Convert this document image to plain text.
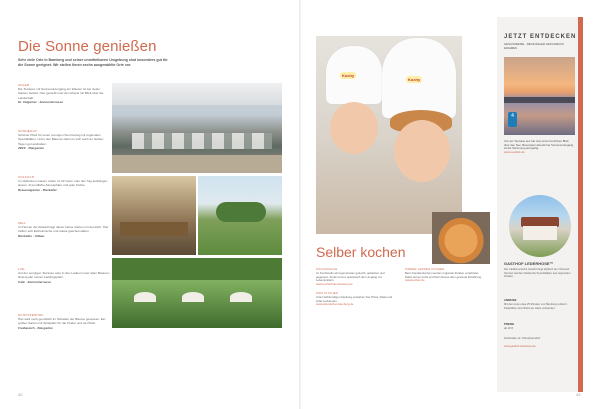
Die Sonne genießen
Sehr viele Orte in Bamberg und seiner unmittelbaren Umgebung sind besonders gut für die Sonne geeignet. Wir stellen Ihnen sechs ausgewählte Orte vor.
ADLER
Die Terrasse mit Sonnenuntergang am Wasser ist bei vielen Gästen beliebt. Hier genießt man den Abend mit Blick über die Landschaft.
Di. Volgamer · Sonnenterrasse
SONNEGUT
Schöner Platz für einen sonnigen Sommertag mit regionalen Spezialitäten. Unter den Bäumen lässt es sich auch an heißen Tagen gut aushalten.
ZEFF · Biergarten
VOLKACH
Im idyllischen Garten mitten im Ort kann man den Tag ausklingen lassen. Freundliche Atmosphäre und gute Küche.
Brauereigarten · Bierkeller
ZELL
Im Herzen der Altstadt liegt dieser kleine Garten mit Aussicht. Hier treffen sich Einheimische und Gäste gleichermaßen.
Bierkeller · Altbau
LISL
Auf der sonnigen Terrasse oder in den Lauben unter alten Bäumen findet jeder seinen Lieblingsplatz.
Café · Sonnenterrasse
SCHÜTZENHOF
Hier wird noch gemütlich im Schatten der Bäume gesessen. Ein großer Garten mit Spielplatz für die Kinder und viel Platz.
Freibereich · Biergarten
42
Kochy
Kochy
Selber kochen
KOCHSCHULE
Im Kochstudio wird gemeinsam gekocht, gebacken und gegessen. Kinder lernen spielerisch den Umgang mit Lebensmitteln.
www.kochschule-bamberg.de
KIDS KITCHEN
Unter fachkundiger Anleitung entstehen hier Pizza, Pasta und süße Leckereien.
www.kids-kitchen-bamberg.de
KINDER LERNEN KOCHEN
Beim Familienkochen werden regionale Zutaten verarbeitet. Dabei lernen Groß und Klein Neues über gesunde Ernährung.
www.kochen.de
43
JETZT ENTDECKEN
GENUSSREISE · REGIONALER GESCHMACK ERLEBEN
4
Von der Terrasse aus hat man einen herrlichen Blick über den See. Besonders abends bei Sonnenuntergang ist die Stimmung einzigartig.
www.seeblick.de
GASTHOF LEDERHOSE™
Der traditionsreiche Gasthof liegt idyllisch am Ortsrand. Serviert werden fränkische Spezialitäten aus regionalen Zutaten.
ANREISE
Mit dem Auto etwa 25 Minuten von Bamberg entfernt. Parkplätze sind direkt am Haus vorhanden.
PREISE
ab 29 €
Dorfstraße 12, Oberpfraundorf
www.gasthof-lederhose.de
